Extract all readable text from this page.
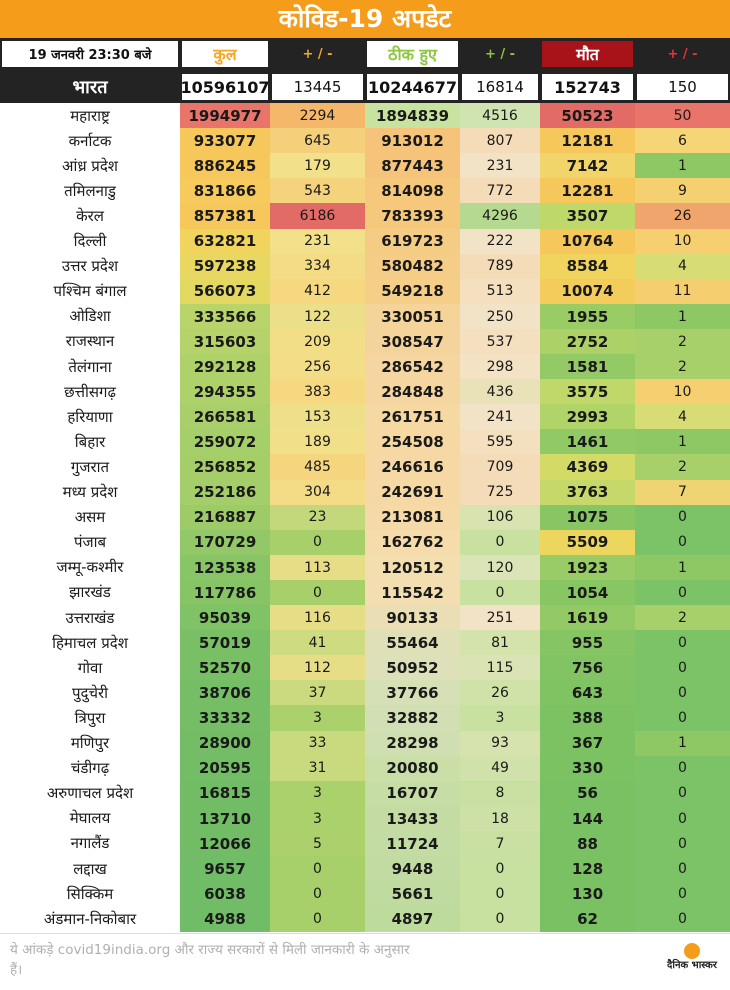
कोविड-19 अपडेट
19 जनवरी 23:30 बजे	कुल	+ / -	ठीक हुए	+ / -	मौत	+ / -
भारत	10596107	13445	10244677	16814	152743	150
महाराष्ट्र	1994977	2294	1894839	4516	50523	50
कर्नाटक	933077	645	913012	807	12181	6
आंध्र प्रदेश	886245	179	877443	231	7142	1
तमिलनाडु	831866	543	814098	772	12281	9
केरल	857381	6186	783393	4296	3507	26
दिल्ली	632821	231	619723	222	10764	10
उत्तर प्रदेश	597238	334	580482	789	8584	4
पश्चिम बंगाल	566073	412	549218	513	10074	11
ओडिशा	333566	122	330051	250	1955	1
राजस्थान	315603	209	308547	537	2752	2
तेलंगाना	292128	256	286542	298	1581	2
छत्तीसगढ़	294355	383	284848	436	3575	10
हरियाणा	266581	153	261751	241	2993	4
बिहार	259072	189	254508	595	1461	1
गुजरात	256852	485	246616	709	4369	2
मध्य प्रदेश	252186	304	242691	725	3763	7
असम	216887	23	213081	106	1075	0
पंजाब	170729	0	162762	0	5509	0
जम्मू-कश्मीर	123538	113	120512	120	1923	1
झारखंड	117786	0	115542	0	1054	0
उत्तराखंड	95039	116	90133	251	1619	2
हिमाचल प्रदेश	57019	41	55464	81	955	0
गोवा	52570	112	50952	115	756	0
पुदुचेरी	38706	37	37766	26	643	0
त्रिपुरा	33332	3	32882	3	388	0
मणिपुर	28900	33	28298	93	367	1
चंडीगढ़	20595	31	20080	49	330	0
अरुणाचल प्रदेश	16815	3	16707	8	56	0
मेघालय	13710	3	13433	18	144	0
नगालैंड	12066	5	11724	7	88	0
लद्दाख	9657	0	9448	0	128	0
सिक्किम	6038	0	5661	0	130	0
अंडमान-निकोबार	4988	0	4897	0	62	0
ये आंकड़े covid19india.org और राज्य सरकारों से मिली जानकारी के अनुसार हैं।	दैनिक भास्कर
